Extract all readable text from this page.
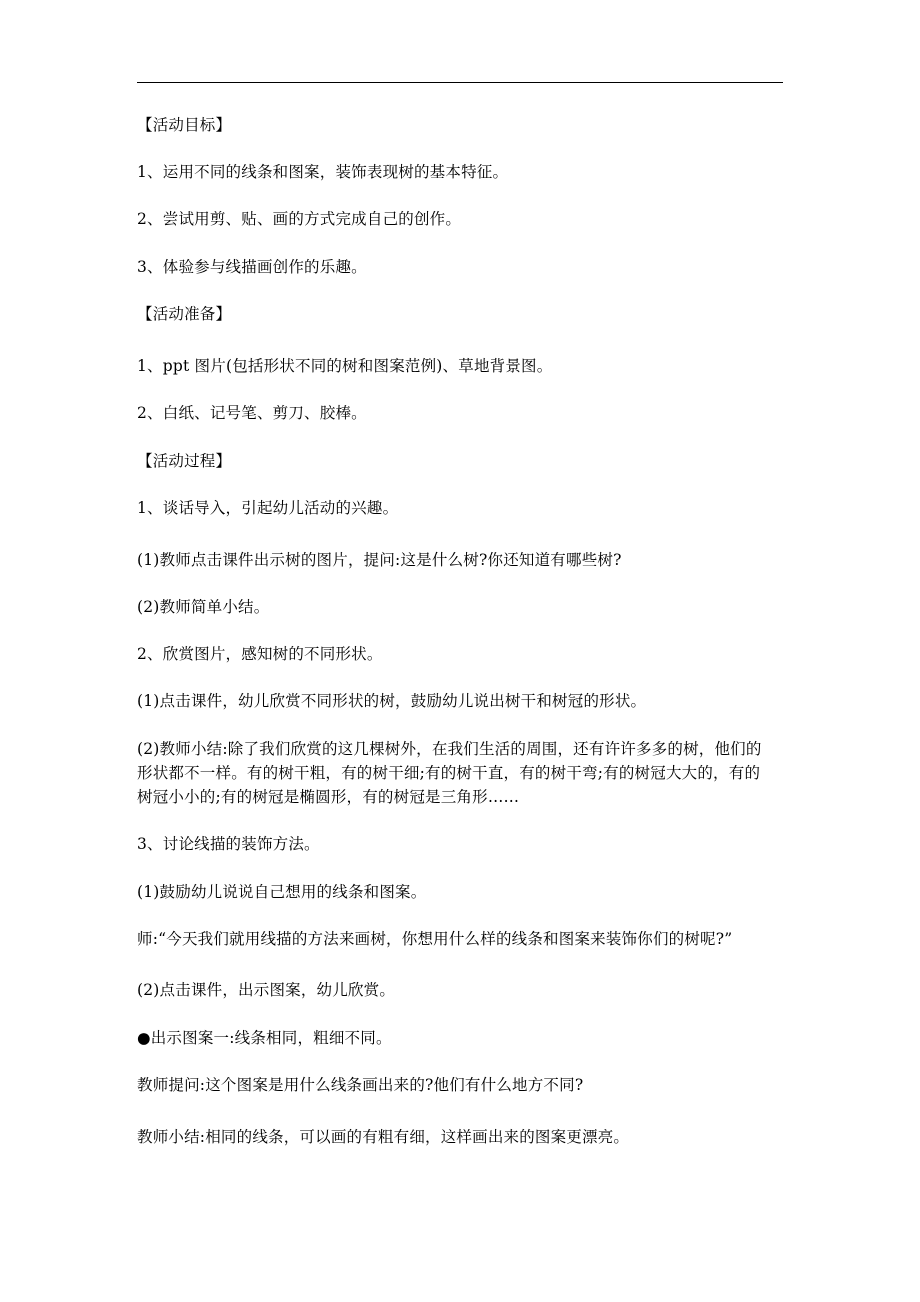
【活动目标】
1、运用不同的线条和图案，装饰表现树的基本特征。
2、尝试用剪、贴、画的方式完成自己的创作。
3、体验参与线描画创作的乐趣。
【活动准备】
1、ppt 图片(包括形状不同的树和图案范例)、草地背景图。
2、白纸、记号笔、剪刀、胶棒。
【活动过程】
1、谈话导入，引起幼儿活动的兴趣。
(1)教师点击课件出示树的图片，提问:这是什么树?你还知道有哪些树?
(2)教师简单小结。
2、欣赏图片，感知树的不同形状。
(1)点击课件，幼儿欣赏不同形状的树，鼓励幼儿说出树干和树冠的形状。
(2)教师小结:除了我们欣赏的这几棵树外，在我们生活的周围，还有许许多多的树，他们的
形状都不一样。有的树干粗，有的树干细;有的树干直，有的树干弯;有的树冠大大的，有的
树冠小小的;有的树冠是椭圆形，有的树冠是三角形……
3、讨论线描的装饰方法。
(1)鼓励幼儿说说自己想用的线条和图案。
师:“今天我们就用线描的方法来画树，你想用什么样的线条和图案来装饰你们的树呢?”
(2)点击课件，出示图案，幼儿欣赏。
●出示图案一:线条相同，粗细不同。
教师提问:这个图案是用什么线条画出来的?他们有什么地方不同?
教师小结:相同的线条，可以画的有粗有细，这样画出来的图案更漂亮。
